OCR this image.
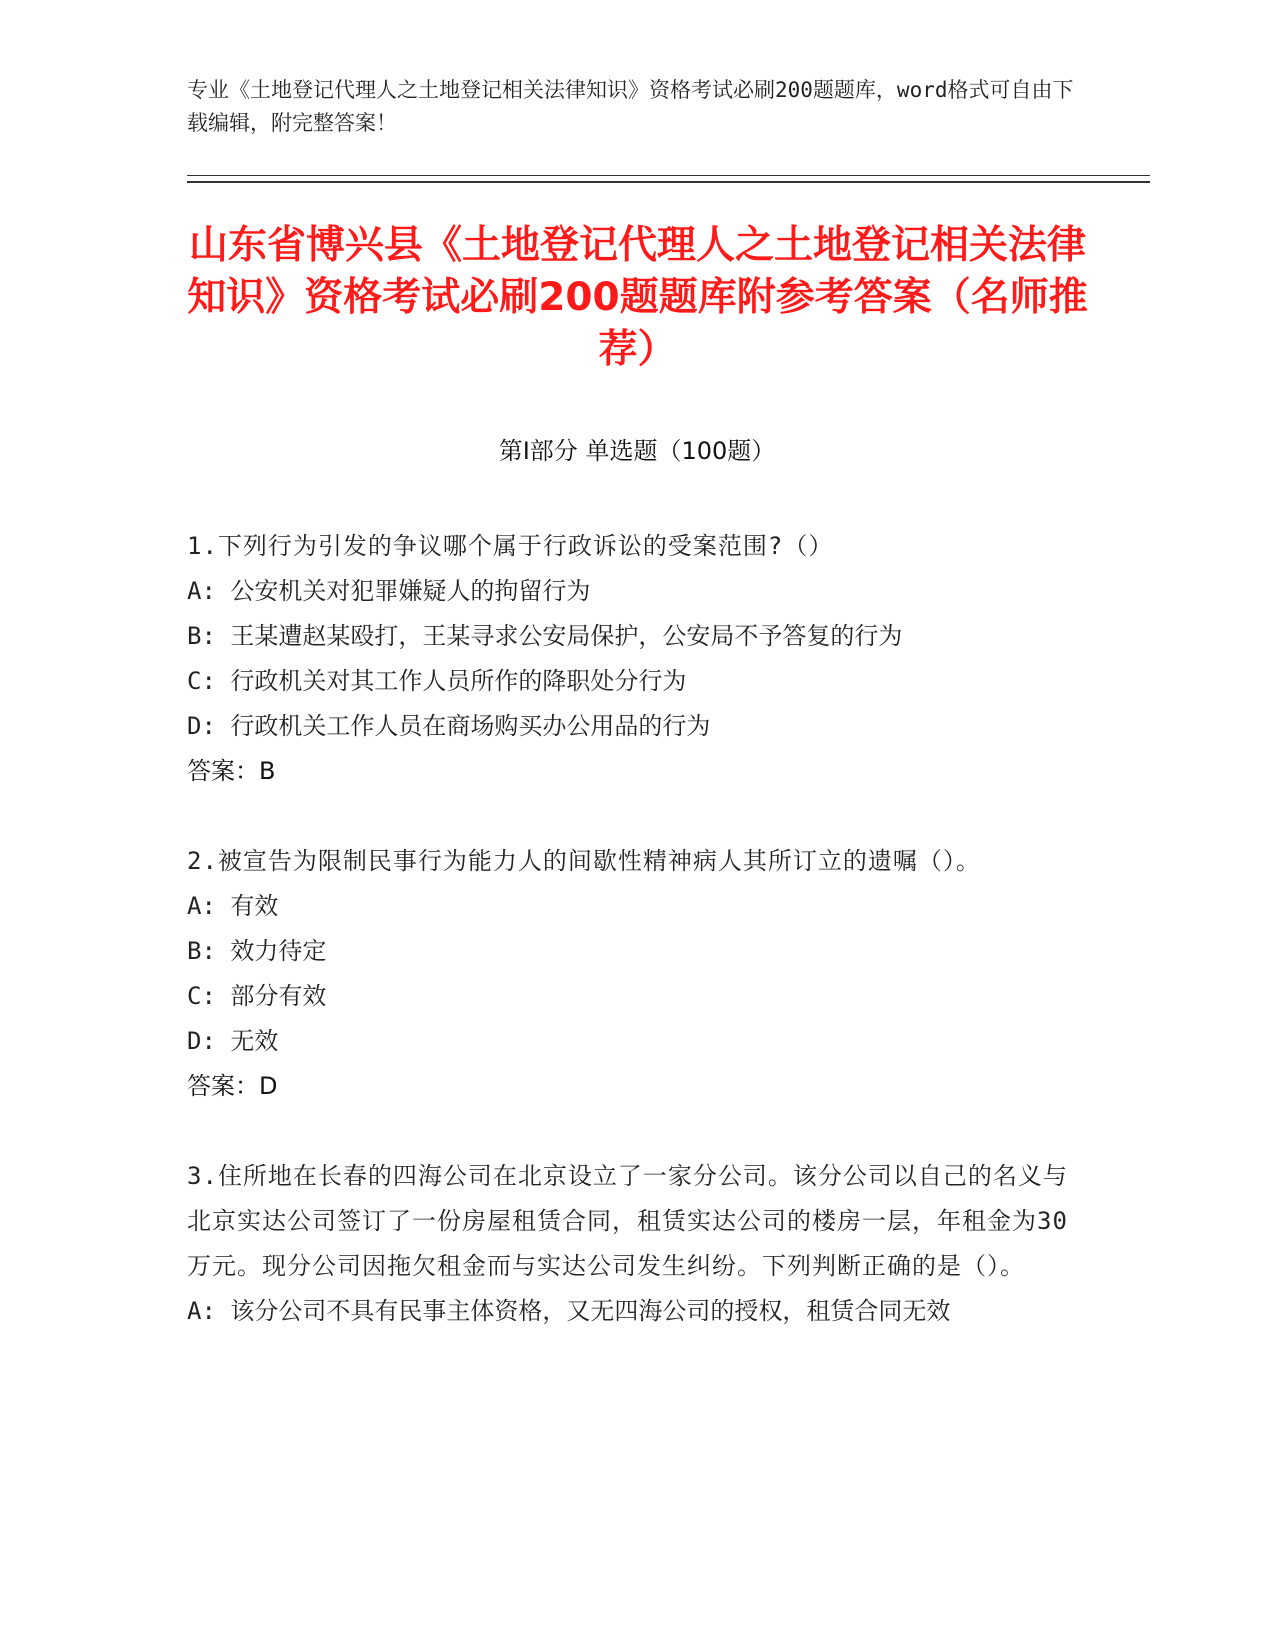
专业《土地登记代理人之土地登记相关法律知识》资格考试必刷200题题库，word格式可自由下载编辑，附完整答案！
山东省博兴县《土地登记代理人之土地登记相关法律知识》资格考试必刷200题题库附参考答案（名师推荐）
第Ⅰ部分 单选题（100题）
1.下列行为引发的争议哪个属于行政诉讼的受案范围?（）
A: 公安机关对犯罪嫌疑人的拘留行为
B: 王某遭赵某殴打，王某寻求公安局保护，公安局不予答复的行为
C: 行政机关对其工作人员所作的降职处分行为
D: 行政机关工作人员在商场购买办公用品的行为
答案：B
2.被宣告为限制民事行为能力人的间歇性精神病人其所订立的遗嘱（）。
A: 有效
B: 效力待定
C: 部分有效
D: 无效
答案：D
3.住所地在长春的四海公司在北京设立了一家分公司。该分公司以自己的名义与北京实达公司签订了一份房屋租赁合同，租赁实达公司的楼房一层，年租金为30万元。现分公司因拖欠租金而与实达公司发生纠纷。下列判断正确的是（）。
A: 该分公司不具有民事主体资格，又无四海公司的授权，租赁合同无效
